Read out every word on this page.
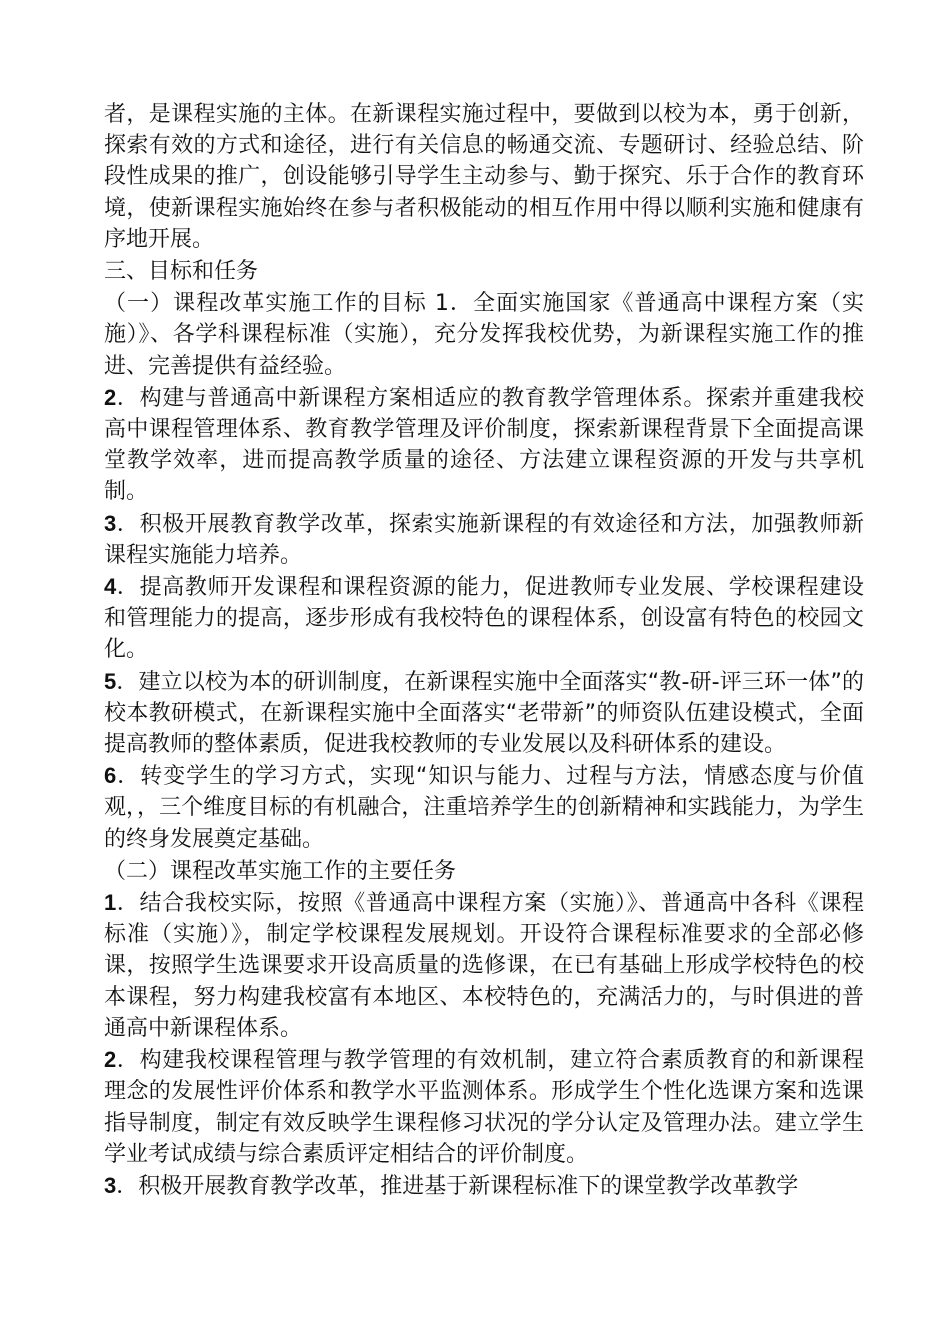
者，是课程实施的主体。在新课程实施过程中，要做到以校为本，勇于创新，探索有效的方式和途径，进行有关信息的畅通交流、专题研讨、经验总结、阶段性成果的推广，创设能够引导学生主动参与、勤于探究、乐于合作的教育环境，使新课程实施始终在参与者积极能动的相互作用中得以顺利实施和健康有序地开展。

三、目标和任务

（一）课程改革实施工作的目标 1．全面实施国家《普通高中课程方案（实施）》、各学科课程标准（实施），充分发挥我校优势，为新课程实施工作的推进、完善提供有益经验。

2．构建与普通高中新课程方案相适应的教育教学管理体系。探索并重建我校高中课程管理体系、教育教学管理及评价制度，探索新课程背景下全面提高课堂教学效率，进而提高教学质量的途径、方法建立课程资源的开发与共享机制。

3．积极开展教育教学改革，探索实施新课程的有效途径和方法，加强教师新课程实施能力培养。

4．提高教师开发课程和课程资源的能力，促进教师专业发展、学校课程建设和管理能力的提高，逐步形成有我校特色的课程体系，创设富有特色的校园文化。

5．建立以校为本的研训制度，在新课程实施中全面落实“教-研-评三环一体”的校本教研模式，在新课程实施中全面落实“老带新”的师资队伍建设模式，全面提高教师的整体素质，促进我校教师的专业发展以及科研体系的建设。

6．转变学生的学习方式，实现“知识与能力、过程与方法，情感态度与价值观，，三个维度目标的有机融合，注重培养学生的创新精神和实践能力，为学生的终身发展奠定基础。

（二）课程改革实施工作的主要任务

1．结合我校实际，按照《普通高中课程方案（实施）》、普通高中各科《课程标准（实施）》，制定学校课程发展规划。开设符合课程标准要求的全部必修课，按照学生选课要求开设高质量的选修课，在已有基础上形成学校特色的校本课程，努力构建我校富有本地区、本校特色的，充满活力的，与时俱进的普通高中新课程体系。

2．构建我校课程管理与教学管理的有效机制，建立符合素质教育的和新课程理念的发展性评价体系和教学水平监测体系。形成学生个性化选课方案和选课指导制度，制定有效反映学生课程修习状况的学分认定及管理办法。建立学生学业考试成绩与综合素质评定相结合的评价制度。

3．积极开展教育教学改革，推进基于新课程标准下的课堂教学改革教学
